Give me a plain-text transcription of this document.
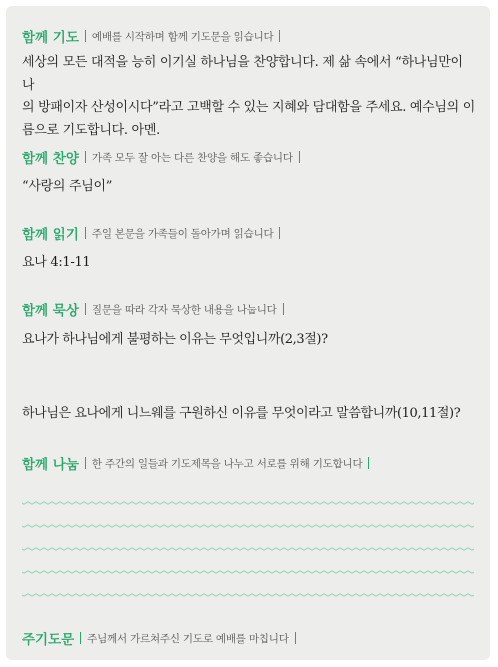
함께 기도 예배를 시작하며 함께 기도문을 읽습니다
세상의 모든 대적을 능히 이기실 하나님을 찬양합니다. 제 삶 속에서 “하나님만이 나
의 방패이자 산성이시다”라고 고백할 수 있는 지혜와 담대함을 주세요. 예수님의 이
름으로 기도합니다. 아멘.
함께 찬양 가족 모두 잘 아는 다른 찬양을 해도 좋습니다
“사랑의 주님이”
함께 읽기 주일 본문을 가족들이 돌아가며 읽습니다
요나 4:1-11
함께 묵상 질문을 따라 각자 묵상한 내용을 나눕니다
요나가 하나님에게 불평하는 이유는 무엇입니까(2,3절)?
하나님은 요나에게 니느웨를 구원하신 이유를 무엇이라고 말씀합니까(10,11절)?
함께 나눔 한 주간의 일들과 기도제목을 나누고 서로를 위해 기도합니다
주기도문 주님께서 가르쳐주신 기도로 예배를 마칩니다
